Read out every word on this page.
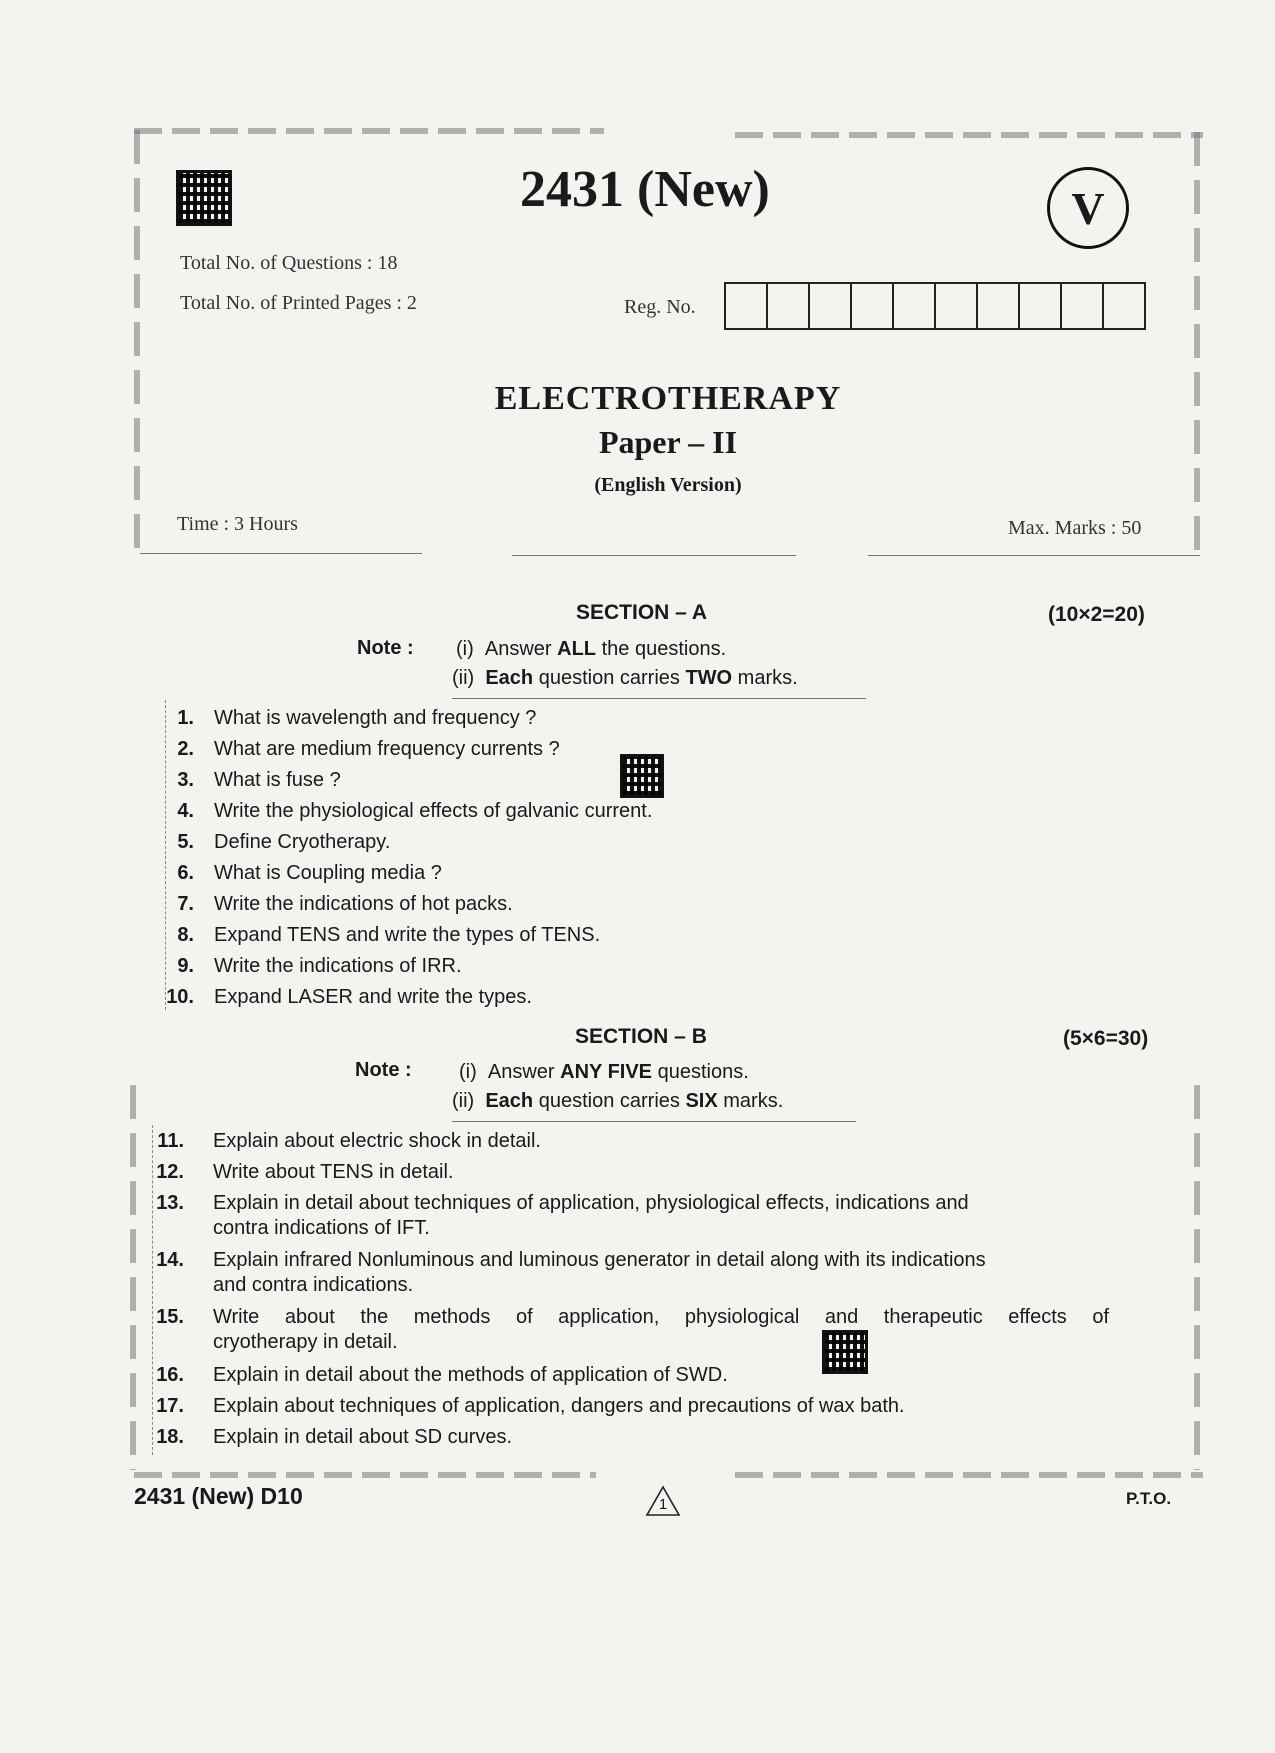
2431 (New)	V
Total No. of Questions : 18
Total No. of Printed Pages : 2	Reg. No.
ELECTROTHERAPY
Paper – II
(English Version)
Time : 3 Hours	Max. Marks : 50
SECTION – A	(10×2=20)
Note : (i) Answer ALL the questions.
(ii) Each question carries TWO marks.
1. What is wavelength and frequency ?
2. What are medium frequency currents ?
3. What is fuse ?
4. Write the physiological effects of galvanic current.
5. Define Cryotherapy.
6. What is Coupling media ?
7. Write the indications of hot packs.
8. Expand TENS and write the types of TENS.
9. Write the indications of IRR.
10. Expand LASER and write the types.
SECTION – B	(5×6=30)
Note : (i) Answer ANY FIVE questions.
(ii) Each question carries SIX marks.
11. Explain about electric shock in detail.
12. Write about TENS in detail.
13. Explain in detail about techniques of application, physiological effects, indications and
contra indications of IFT.
14. Explain infrared Nonluminous and luminous generator in detail along with its indications
and contra indications.
15. Write about the methods of application, physiological and therapeutic effects of
cryotherapy in detail.
16. Explain in detail about the methods of application of SWD.
17. Explain about techniques of application, dangers and precautions of wax bath.
18. Explain in detail about SD curves.
2431 (New) D10	1	P.T.O.
